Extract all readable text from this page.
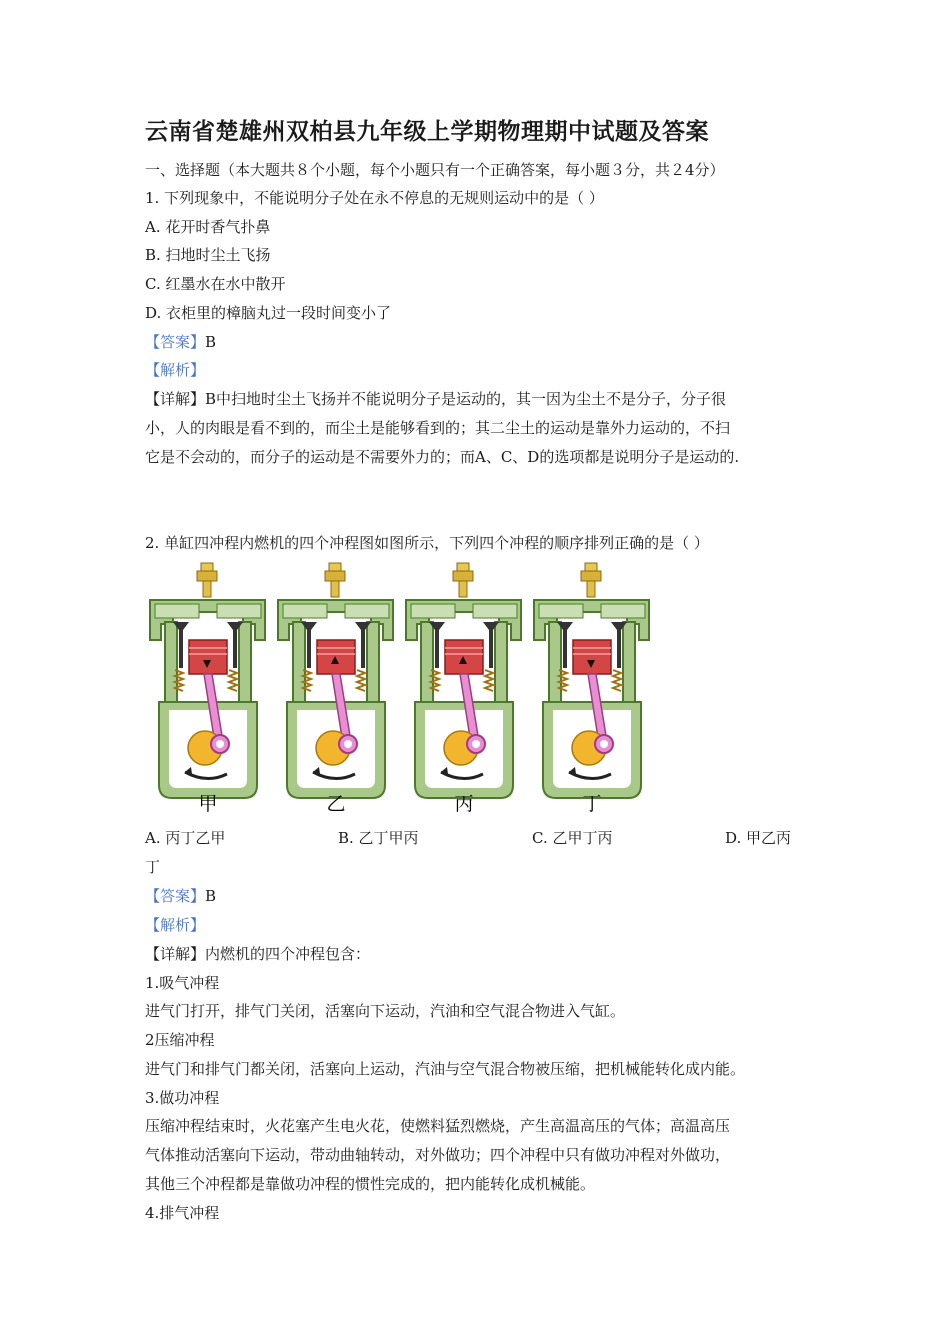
云南省楚雄州双柏县九年级上学期物理期中试题及答案
一、选择题（本大题共８个小题，每个小题只有一个正确答案，每小题３分，共２4分）
1. 下列现象中，不能说明分子处在永不停息的无规则运动中的是（ ）
A. 花开时香气扑鼻
B. 扫地时尘土飞扬
C. 红墨水在水中散开
D. 衣柜里的樟脑丸过一段时间变小了
【答案】B
【解析】
【详解】B中扫地时尘土飞扬并不能说明分子是运动的，其一因为尘土不是分子，分子很
小，人的肉眼是看不到的，而尘土是能够看到的；其二尘土的运动是靠外力运动的，不扫
它是不会动的，而分子的运动是不需要外力的；而A、C、D的选项都是说明分子是运动的.
2. 单缸四冲程内燃机的四个冲程图如图所示，下列四个冲程的顺序排列正确的是（ ）
甲	乙	丙	丁
A. 丙丁乙甲	B. 乙丁甲丙	C. 乙甲丁丙	D. 甲乙丙
丁
【答案】B
【解析】
【详解】内燃机的四个冲程包含：
1.吸气冲程
进气门打开，排气门关闭，活塞向下运动，汽油和空气混合物进入气缸。
2压缩冲程
进气门和排气门都关闭，活塞向上运动，汽油与空气混合物被压缩，把机械能转化成内能。
3.做功冲程
压缩冲程结束时，火花塞产生电火花，使燃料猛烈燃烧，产生高温高压的气体；高温高压
气体推动活塞向下运动，带动曲轴转动，对外做功；四个冲程中只有做功冲程对外做功，
其他三个冲程都是靠做功冲程的惯性完成的，把内能转化成机械能。
4.排气冲程
